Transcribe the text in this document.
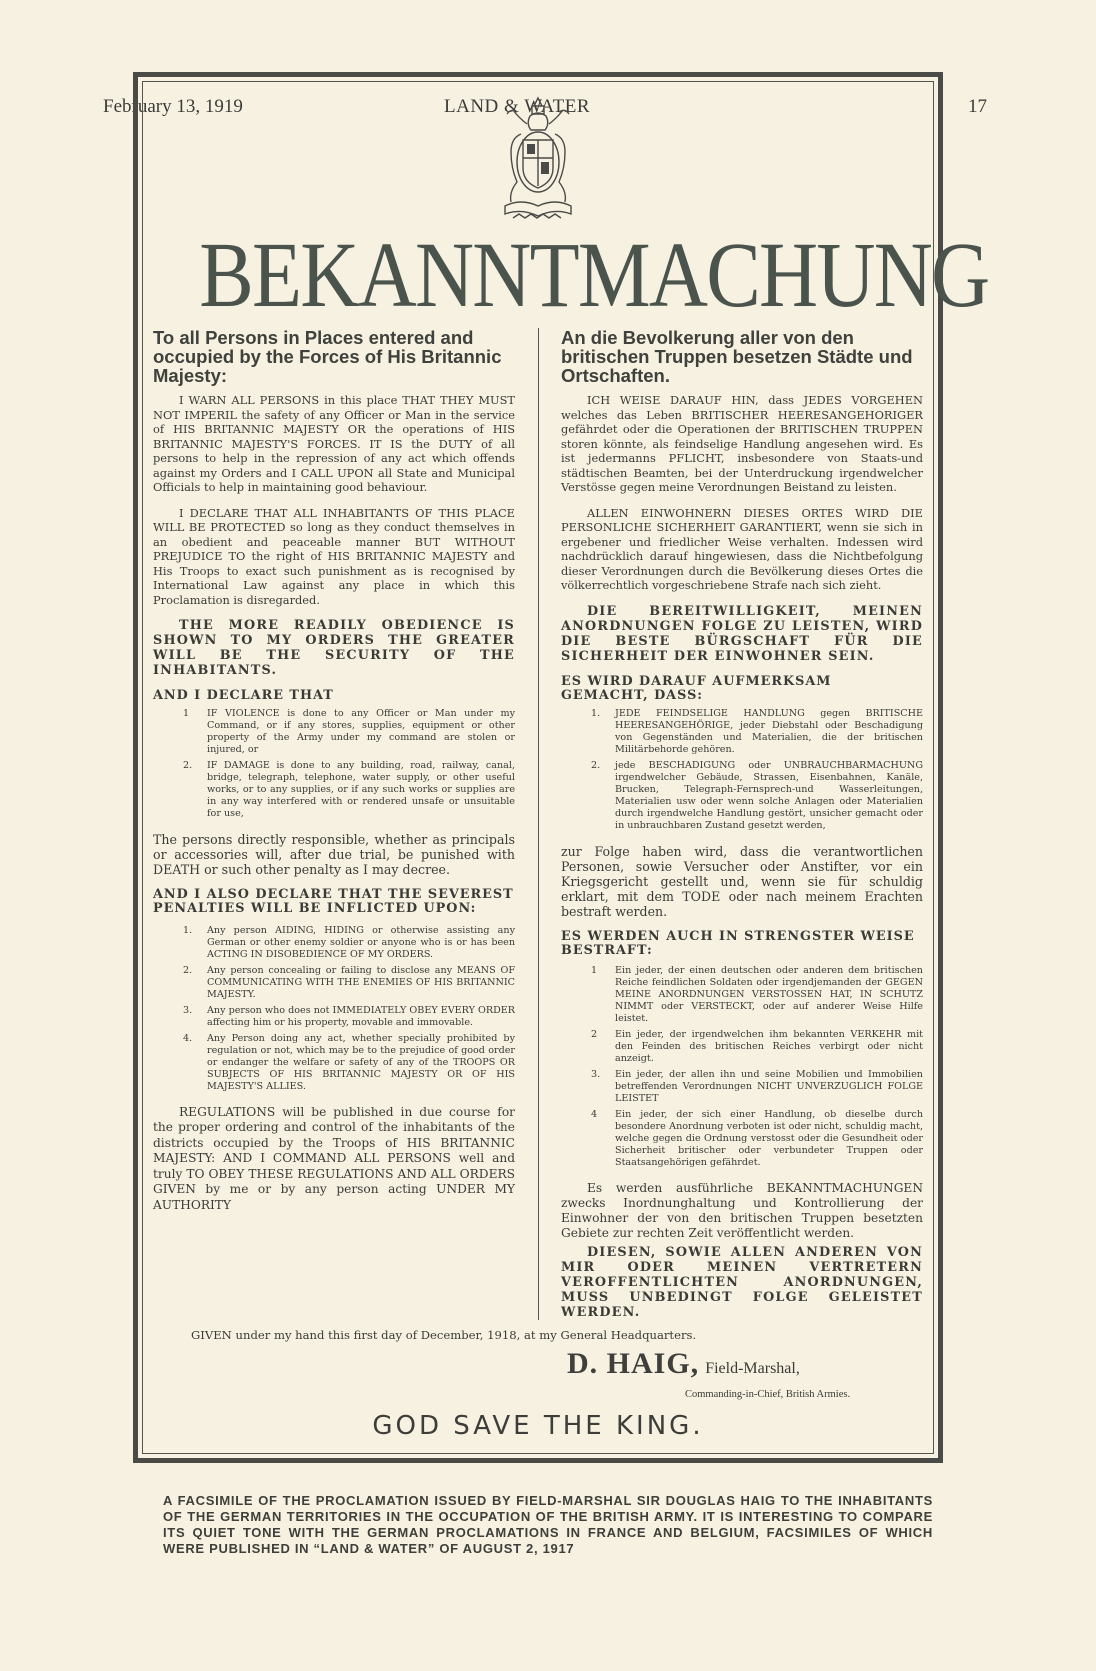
February 13, 1919	LAND & WATER	17
BEKANNTMACHUNG
To all Persons in Places entered and occupied by the Forces of His Britannic Majesty:

I WARN ALL PERSONS in this place THAT THEY MUST NOT IMPERIL the safety of any Officer or Man in the service of HIS BRITANNIC MAJESTY OR the operations of HIS BRITANNIC MAJESTY'S FORCES. IT IS the DUTY of all persons to help in the repression of any act which offends against my Orders and I CALL UPON all State and Municipal Officials to help in maintaining good behaviour.

I DECLARE THAT ALL INHABITANTS OF THIS PLACE WILL BE PROTECTED so long as they conduct themselves in an obedient and peaceable manner BUT WITHOUT PREJUDICE TO the right of HIS BRITANNIC MAJESTY and His Troops to exact such punishment as is recognised by International Law against any place in which this Proclamation is disregarded.

THE MORE READILY OBEDIENCE IS SHOWN TO MY ORDERS THE GREATER WILL BE THE SECURITY OF THE INHABITANTS.

AND I DECLARE THAT
1 IF VIOLENCE is done to any Officer or Man under my Command, or if any stores, supplies, equipment or other property of the Army under my command are stolen or injured, or
2. IF DAMAGE is done to any building, road, railway, canal, bridge, telegraph, telephone, water supply, or other useful works, or to any supplies, or if any such works or supplies are in any way interfered with or rendered unsafe or unsuitable for use,

The persons directly responsible, whether as principals or accessories will, after due trial, be punished with DEATH or such other penalty as I may decree.

AND I ALSO DECLARE THAT THE SEVEREST PENALTIES WILL BE INFLICTED UPON:
1. Any person AIDING, HIDING or otherwise assisting any German or other enemy soldier or anyone who is or has been ACTING IN DISOBEDIENCE OF MY ORDERS.
2. Any person concealing or failing to disclose any MEANS OF COMMUNICATING WITH THE ENEMIES OF HIS BRITANNIC MAJESTY.
3. Any person who does not IMMEDIATELY OBEY EVERY ORDER affecting him or his property, movable and immovable.
4. Any Person doing any act, whether specially prohibited by regulation or not, which may be to the prejudice of good order or endanger the welfare or safety of any of the TROOPS OR SUBJECTS OF HIS BRITANNIC MAJESTY OR OF HIS MAJESTY'S ALLIES.

REGULATIONS will be published in due course for the proper ordering and control of the inhabitants of the districts occupied by the Troops of HIS BRITANNIC MAJESTY: AND I COMMAND ALL PERSONS well and truly TO OBEY THESE REGULATIONS AND ALL ORDERS GIVEN by me or by any person acting UNDER MY AUTHORITY

An die Bevolkerung aller von den britischen Truppen besetzen Städte und Ortschaften.

ICH WEISE DARAUF HIN, dass JEDES VORGEHEN welches das Leben BRITISCHER HEERESANGEHORIGER gefährdet oder die Operationen der BRITISCHEN TRUPPEN storen könnte, als feindselige Handlung angesehen wird. Es ist jedermanns PFLICHT, insbesondere von Staats-und städtischen Beamten, bei der Unterdruckung irgendwelcher Verstösse gegen meine Verordnungen Beistand zu leisten.

ALLEN EINWOHNERN DIESES ORTES WIRD DIE PERSONLICHE SICHERHEIT GARANTIERT, wenn sie sich in ergebener und friedlicher Weise verhalten. Indessen wird nachdrücklich darauf hingewiesen, dass die Nichtbefolgung dieser Verordnungen durch die Bevölkerung dieses Ortes die völkerrechtlich vorgeschriebene Strafe nach sich zieht.

DIE BEREITWILLIGKEIT, MEINEN ANORDNUNGEN FOLGE ZU LEISTEN, WIRD DIE BESTE BÜRGSCHAFT FÜR DIE SICHERHEIT DER EINWOHNER SEIN.

ES WIRD DARAUF AUFMERKSAM GEMACHT, DASS:
1. JEDE FEINDSELIGE HANDLUNG gegen BRITISCHE HEERESANGEHÖRIGE, jeder Diebstahl oder Beschadigung von Gegenständen und Materialien, die der britischen Militärbehorde gehören.
2. jede BESCHADIGUNG oder UNBRAUCHBARMACHUNG irgendwelcher Gebäude, Strassen, Eisenbahnen, Kanäle, Brucken, Telegraph-Fernsprech-und Wasserleitungen, Materialien usw oder wenn solche Anlagen oder Materialien durch irgendwelche Handlung gestört, unsicher gemacht oder in unbrauchbaren Zustand gesetzt werden,

zur Folge haben wird, dass die verantwortlichen Personen, sowie Versucher oder Anstifter, vor ein Kriegsgericht gestellt und, wenn sie für schuldig erklart, mit dem TODE oder nach meinem Erachten bestraft werden.

ES WERDEN AUCH IN STRENGSTER WEISE BESTRAFT:
1 Ein jeder, der einen deutschen oder anderen dem britischen Reiche feindlichen Soldaten oder irgendjemanden der GEGEN MEINE ANORDNUNGEN VERSTOSSEN HAT, IN SCHUTZ NIMMT oder VERSTECKT, oder auf anderer Weise Hilfe leistet.
2 Ein jeder, der irgendwelchen ihm bekannten VERKEHR mit den Feinden des britischen Reiches verbirgt oder nicht anzeigt.
3. Ein jeder, der allen ihn und seine Mobilien und Immobilien betreffenden Verordnungen NICHT UNVERZUGLICH FOLGE LEISTET
4 Ein jeder, der sich einer Handlung, ob dieselbe durch besondere Anordnung verboten ist oder nicht, schuldig macht, welche gegen die Ordnung verstosst oder die Gesundheit oder Sicherheit britischer oder verbundeter Truppen oder Staatsangehörigen gefährdet.

Es werden ausführliche BEKANNTMACHUNGEN zwecks Inordnunghaltung und Kontrollierung der Einwohner der von den britischen Truppen besetzten Gebiete zur rechten Zeit veröffentlicht werden.

DIESEN, SOWIE ALLEN ANDEREN VON MIR ODER MEINEN VERTRETERN VEROFFENTLICHTEN ANORDNUNGEN, MUSS UNBEDINGT FOLGE GELEISTET WERDEN.

GIVEN under my hand this first day of December, 1918, at my General Headquarters.
D. HAIG, Field-Marshal,
Commanding-in-Chief, British Armies.
GOD SAVE THE KING.
A FACSIMILE OF THE PROCLAMATION ISSUED BY FIELD-MARSHAL SIR DOUGLAS HAIG TO THE INHABITANTS OF THE GERMAN TERRITORIES IN THE OCCUPATION OF THE BRITISH ARMY. IT IS INTERESTING TO COMPARE ITS QUIET TONE WITH THE GERMAN PROCLAMATIONS IN FRANCE AND BELGIUM, FACSIMILES OF WHICH WERE PUBLISHED IN “LAND & WATER” OF AUGUST 2, 1917
